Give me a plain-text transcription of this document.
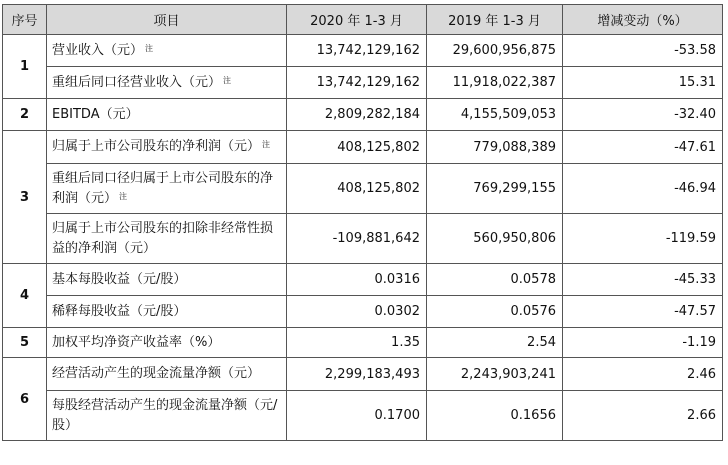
序号	项目	2020 年 1-3 月	2019 年 1-3 月	增减变动（%）
1	营业收入（元） $^注$	13,742,129,162	29,600,956,875	-53.58
	重组后同口径营业收入（元） $^注$	13,742,129,162	11,918,022,387	15.31
2	EBITDA（元）	2,809,282,184	4,155,509,053	-32.40
3	归属于上市公司股东的净利润（元） $^注$	408,125,802	779,088,389	-47.61
	重组后同口径归属于上市公司股东的净利润（元） $^注$	408,125,802	769,299,155	-46.94
	归属于上市公司股东的扣除非经常性损益的净利润（元）	-109,881,642	560,950,806	-119.59
4	基本每股收益（元/股）	0.0316	0.0578	-45.33
	稀释每股收益（元/股）	0.0302	0.0576	-47.57
5	加权平均净资产收益率（%）	1.35	2.54	-1.19
6	经营活动产生的现金流量净额（元）	2,299,183,493	2,243,903,241	2.46
	每股经营活动产生的现金流量净额（元/股）	0.1700	0.1656	2.66
